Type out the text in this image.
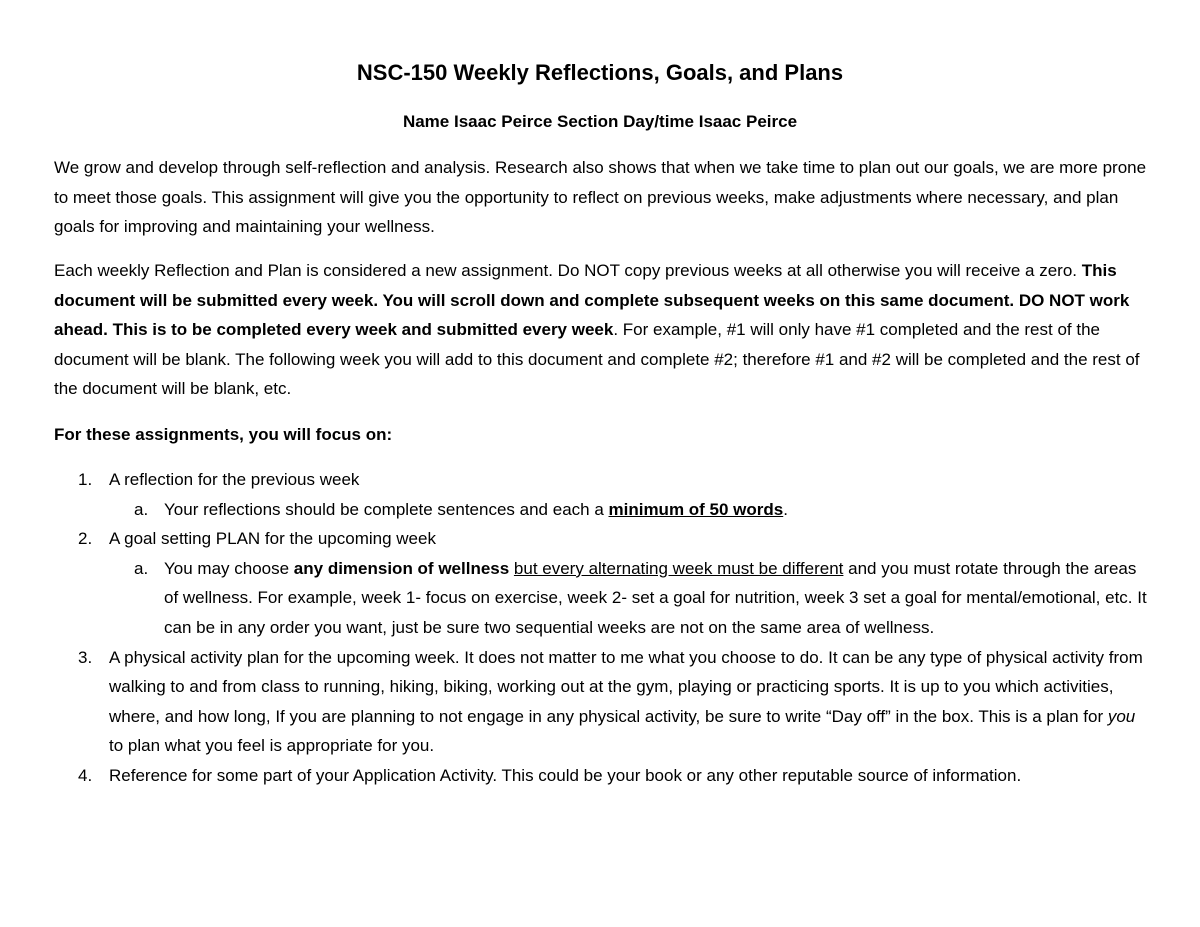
NSC-150 Weekly Reflections, Goals, and Plans
Name Isaac Peirce Section Day/time Isaac Peirce
We grow and develop through self-reflection and analysis. Research also shows that when we take time to plan out our goals, we are more prone to meet those goals. This assignment will give you the opportunity to reflect on previous weeks, make adjustments where necessary, and plan goals for improving and maintaining your wellness.
Each weekly Reflection and Plan is considered a new assignment. Do NOT copy previous weeks at all otherwise you will receive a zero. This document will be submitted every week. You will scroll down and complete subsequent weeks on this same document. DO NOT work ahead. This is to be completed every week and submitted every week. For example, #1 will only have #1 completed and the rest of the document will be blank. The following week you will add to this document and complete #2; therefore #1 and #2 will be completed and the rest of the document will be blank, etc.
For these assignments, you will focus on:
1. A reflection for the previous week
a. Your reflections should be complete sentences and each a minimum of 50 words.
2. A goal setting PLAN for the upcoming week
a. You may choose any dimension of wellness but every alternating week must be different and you must rotate through the areas of wellness. For example, week 1- focus on exercise, week 2- set a goal for nutrition, week 3 set a goal for mental/emotional, etc. It can be in any order you want, just be sure two sequential weeks are not on the same area of wellness.
3. A physical activity plan for the upcoming week. It does not matter to me what you choose to do. It can be any type of physical activity from walking to and from class to running, hiking, biking, working out at the gym, playing or practicing sports. It is up to you which activities, where, and how long, If you are planning to not engage in any physical activity, be sure to write “Day off” in the box. This is a plan for you to plan what you feel is appropriate for you.
4. Reference for some part of your Application Activity. This could be your book or any other reputable source of information.
